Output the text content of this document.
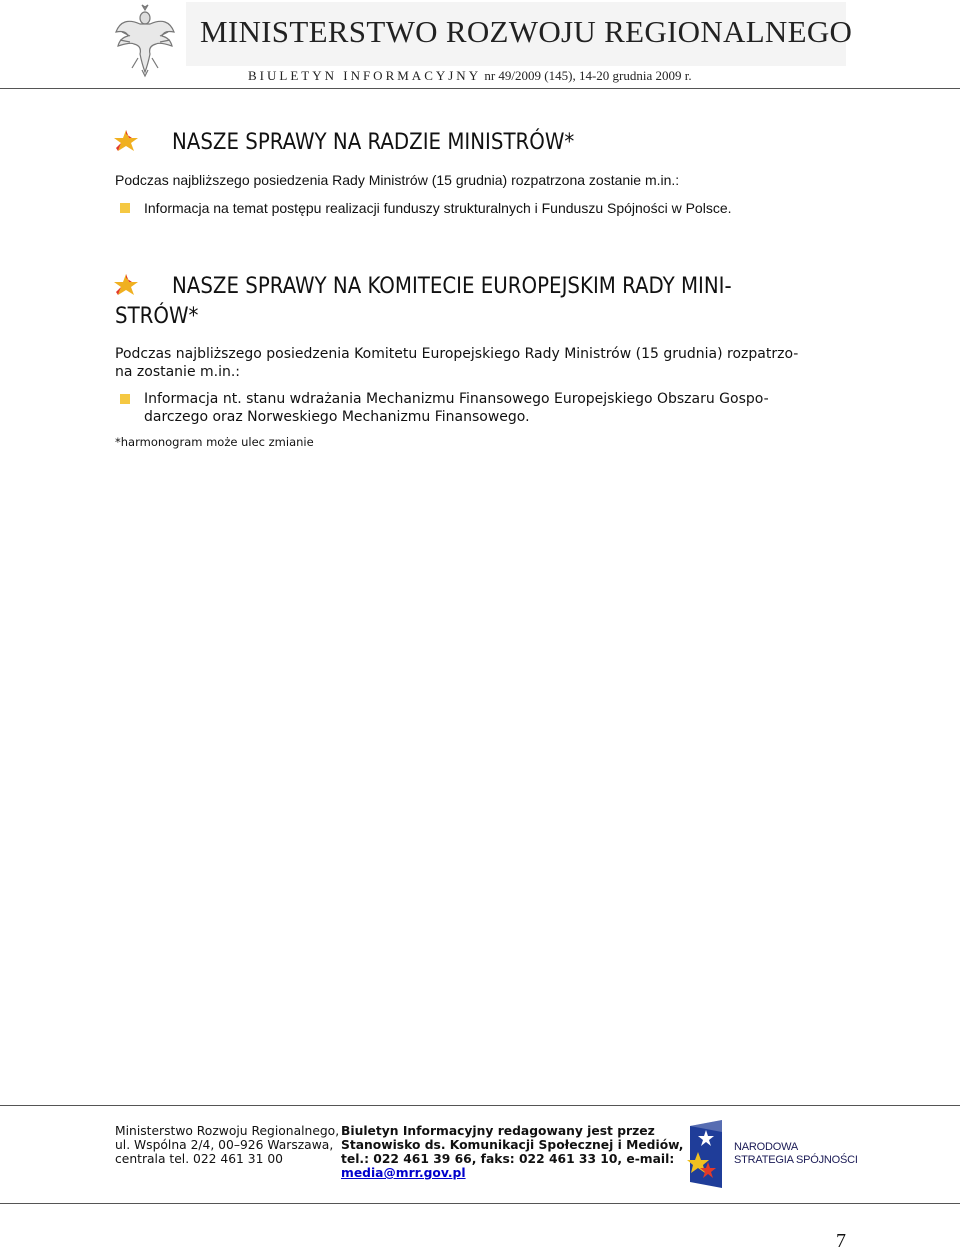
MINISTERSTWO ROZWOJU REGIONALNEGO
BIULETYN INFORMACYJNY nr 49/2009 (145), 14-20 grudnia 2009 r.
NASZE SPRAWY NA RADZIE MINISTRÓW*
Podczas najbliższego posiedzenia Rady Ministrów (15 grudnia) rozpatrzona zostanie m.in.:
Informacja na temat postępu realizacji funduszy strukturalnych i Funduszu Spójności w Polsce.
NASZE SPRAWY NA KOMITECIE EUROPEJSKIM RADY MINI-
STRÓW*
Podczas najbliższego posiedzenia Komitetu Europejskiego Rady Ministrów (15 grudnia) rozpatrzo-
na zostanie m.in.:
Informacja nt. stanu wdrażania Mechanizmu Finansowego Europejskiego Obszaru Gospo-
darczego oraz Norweskiego Mechanizmu Finansowego.
*harmonogram może ulec zmianie
Ministerstwo Rozwoju Regionalnego,
ul. Wspólna 2/4, 00–926 Warszawa,
centrala tel. 022 461 31 00
Biuletyn Informacyjny redagowany jest przez
Stanowisko ds. Komunikacji Społecznej i Mediów,
tel.: 022 461 39 66, faks: 022 461 33 10, e-mail:
media@mrr.gov.pl
NARODOWA
STRATEGIA SPÓJNOŚCI
7
